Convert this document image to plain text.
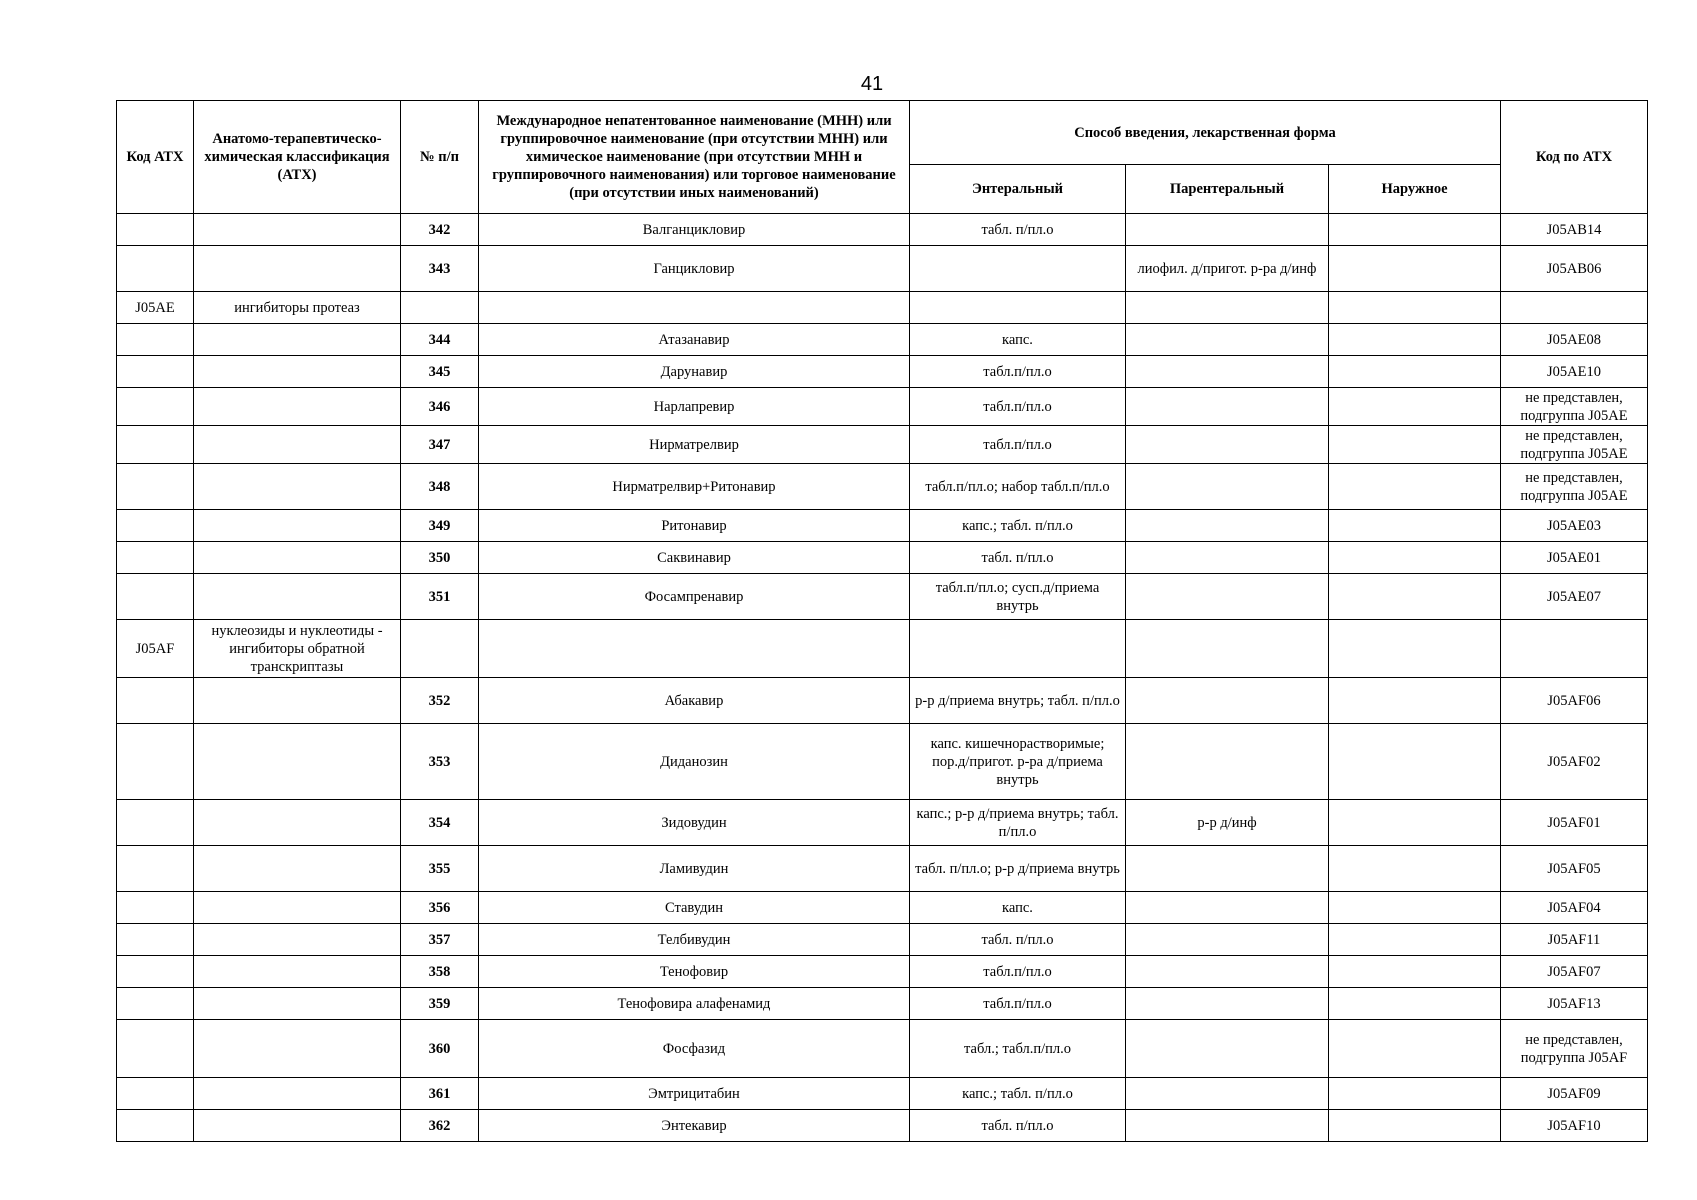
41
Код АТХ	Анатомо-терапевтическо-химическая классификация (АТХ)	№ п/п	Международное непатентованное наименование (МНН) или группировочное наименование (при отсутствии МНН) или химическое наименование (при отсутствии МНН и группировочного наименования) или торговое наименование (при отсутствии иных наименований)	Способ введения, лекарственная форма			Код по АТХ
				Энтеральный	Парентеральный	Наружное	
		342	Валганцикловир	табл. п/пл.о			J05AB14
		343	Ганцикловир		лиофил. д/пригот. р-ра д/инф		J05AB06
J05AE	ингибиторы протеаз						
		344	Атазанавир	капс.			J05AE08
		345	Дарунавир	табл.п/пл.о			J05AE10
		346	Нарлапревир	табл.п/пл.о			не представлен, подгруппа J05AE
		347	Нирматрелвир	табл.п/пл.о			не представлен, подгруппа J05AE
		348	Нирматрелвир+Ритонавир	табл.п/пл.о; набор табл.п/пл.о			не представлен, подгруппа J05AE
		349	Ритонавир	капс.; табл. п/пл.о			J05AE03
		350	Саквинавир	табл. п/пл.о			J05AE01
		351	Фосампренавир	табл.п/пл.о; сусп.д/приема внутрь			J05AE07
J05AF	нуклеозиды и нуклеотиды - ингибиторы обратной транскриптазы						
		352	Абакавир	р-р д/приема внутрь; табл. п/пл.о			J05AF06
		353	Диданозин	капс. кишечнорастворимые; пор.д/пригот. р-ра д/приема внутрь			J05AF02
		354	Зидовудин	капс.; р-р д/приема внутрь; табл. п/пл.о	р-р д/инф		J05AF01
		355	Ламивудин	табл. п/пл.о; р-р д/приема внутрь			J05AF05
		356	Ставудин	капс.			J05AF04
		357	Телбивудин	табл. п/пл.о			J05AF11
		358	Тенофовир	табл.п/пл.о			J05AF07
		359	Тенофовира алафенамид	табл.п/пл.о			J05AF13
		360	Фосфазид	табл.; табл.п/пл.о			не представлен, подгруппа J05AF
		361	Эмтрицитабин	капс.; табл. п/пл.о			J05AF09
		362	Энтекавир	табл. п/пл.о			J05AF10
